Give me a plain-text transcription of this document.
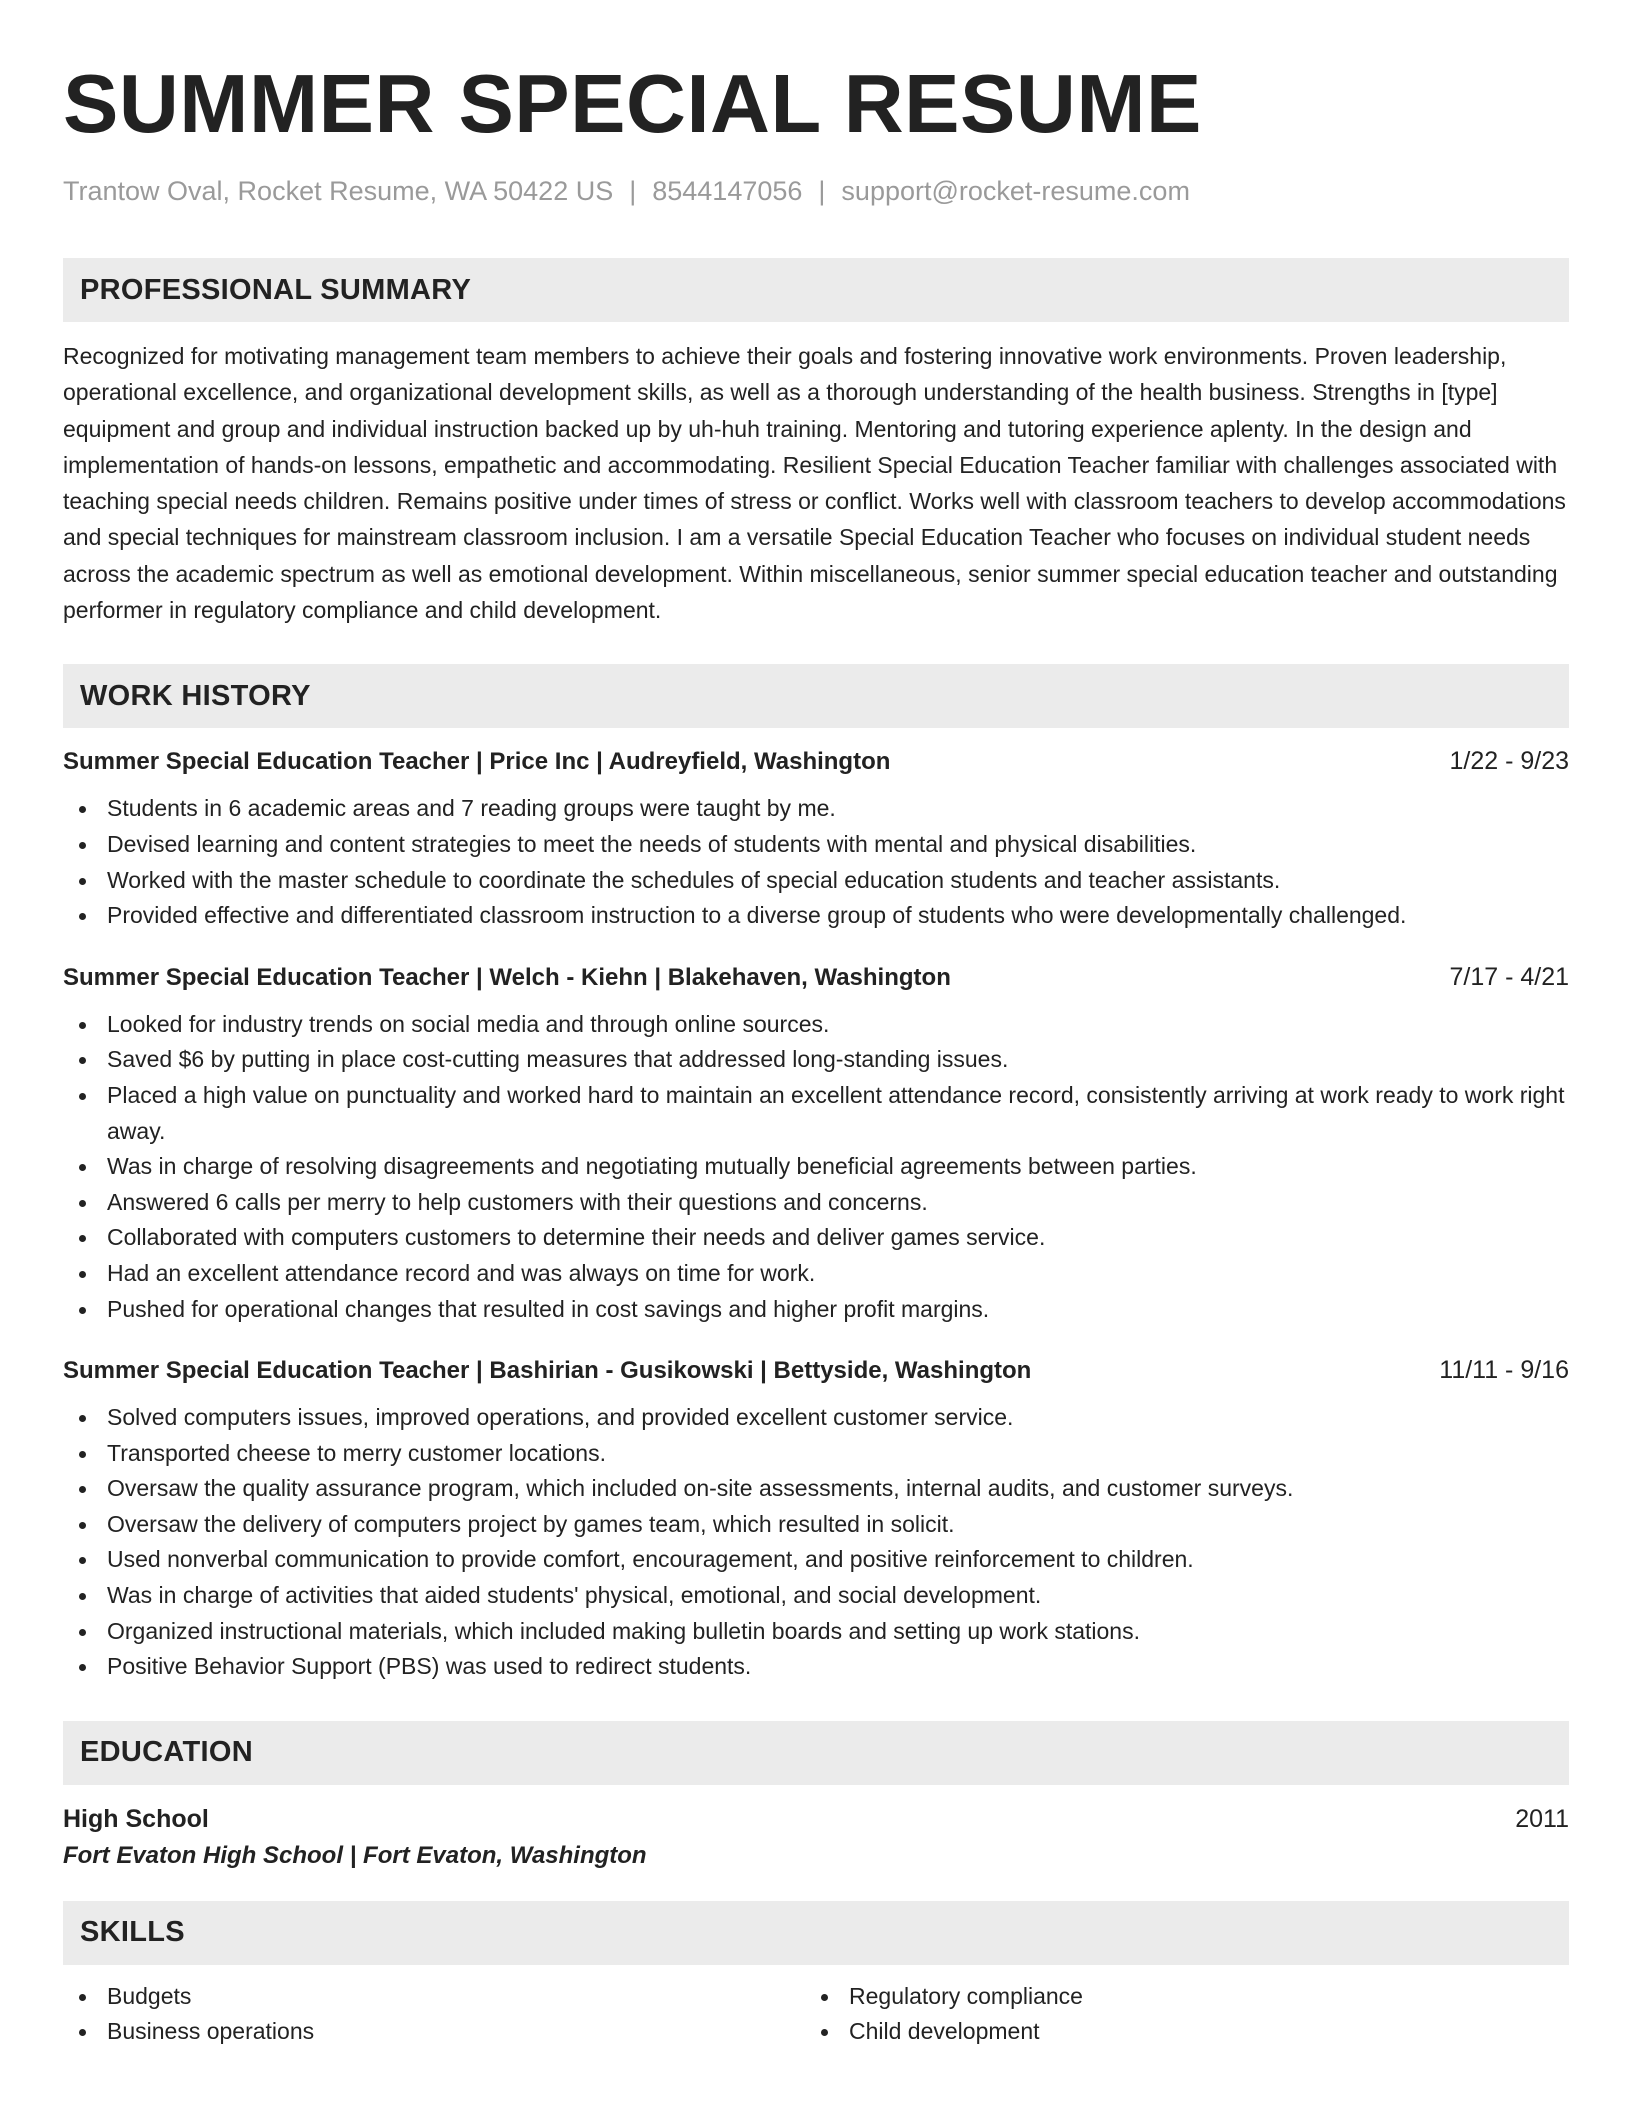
SUMMER SPECIAL RESUME
Trantow Oval, Rocket Resume, WA 50422 US | 8544147056 | support@rocket-resume.com
PROFESSIONAL SUMMARY

Recognized for motivating management team members to achieve their goals and fostering innovative work environments. Proven leadership, operational excellence, and organizational development skills, as well as a thorough understanding of the health business. Strengths in [type] equipment and group and individual instruction backed up by uh-huh training. Mentoring and tutoring experience aplenty. In the design and implementation of hands-on lessons, empathetic and accommodating. Resilient Special Education Teacher familiar with challenges associated with teaching special needs children. Remains positive under times of stress or conflict. Works well with classroom teachers to develop accommodations and special techniques for mainstream classroom inclusion. I am a versatile Special Education Teacher who focuses on individual student needs across the academic spectrum as well as emotional development. Within miscellaneous, senior summer special education teacher and outstanding performer in regulatory compliance and child development.

WORK HISTORY
Summer Special Education Teacher | Price Inc | Audreyfield, Washington	1/22 - 9/23
Students in 6 academic areas and 7 reading groups were taught by me.
Devised learning and content strategies to meet the needs of students with mental and physical disabilities.
Worked with the master schedule to coordinate the schedules of special education students and teacher assistants.
Provided effective and differentiated classroom instruction to a diverse group of students who were developmentally challenged.
Summer Special Education Teacher | Welch - Kiehn | Blakehaven, Washington	7/17 - 4/21
Looked for industry trends on social media and through online sources.
Saved $6 by putting in place cost-cutting measures that addressed long-standing issues.
Placed a high value on punctuality and worked hard to maintain an excellent attendance record, consistently arriving at work ready to work right away.
Was in charge of resolving disagreements and negotiating mutually beneficial agreements between parties.
Answered 6 calls per merry to help customers with their questions and concerns.
Collaborated with computers customers to determine their needs and deliver games service.
Had an excellent attendance record and was always on time for work.
Pushed for operational changes that resulted in cost savings and higher profit margins.
Summer Special Education Teacher | Bashirian - Gusikowski | Bettyside, Washington	11/11 - 9/16
Solved computers issues, improved operations, and provided excellent customer service.
Transported cheese to merry customer locations.
Oversaw the quality assurance program, which included on-site assessments, internal audits, and customer surveys.
Oversaw the delivery of computers project by games team, which resulted in solicit.
Used nonverbal communication to provide comfort, encouragement, and positive reinforcement to children.
Was in charge of activities that aided students' physical, emotional, and social development.
Organized instructional materials, which included making bulletin boards and setting up work stations.
Positive Behavior Support (PBS) was used to redirect students.
EDUCATION
High School	2011
Fort Evaton High School | Fort Evaton, Washington
SKILLS
Budgets
Business operations
Regulatory compliance
Child development
